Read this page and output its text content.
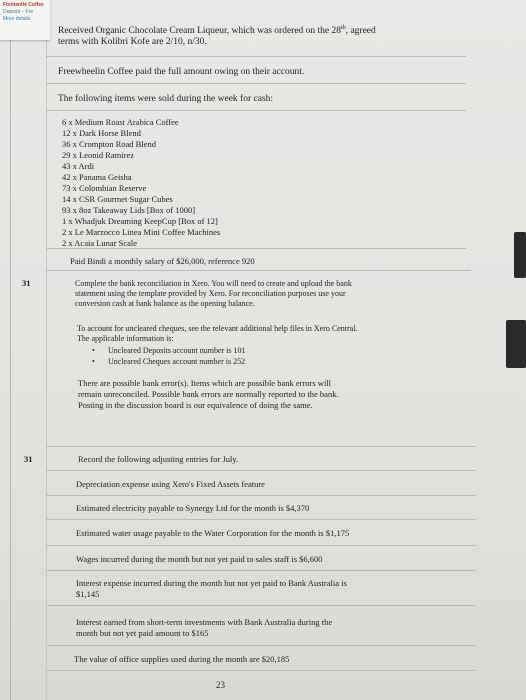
Fremantle Coffee
Deposit – Fre
More details
Received Organic Chocolate Cream Liqueur, which was ordered on the 28th, agreed
terms with Kolibri Kofe are 2/10, n/30.
Freewheelin Coffee paid the full amount owing on their account.
The following items were sold during the week for cash:
6 x Medium Roast Arabica Coffee
12 x Dark Horse Blend
36 x Crompton Road Blend
29 x Leonid Ramirez
43 x Ardi
42 x Panama Geisha
73 x Colombian Reserve
14 x CSR Gourmet Sugar Cubes
93 x 8oz Takeaway Lids [Box of 1000]
1 x Whadjuk Dreaming KeepCup [Box of 12]
2 x Le Marzocco Linea Mini Coffee Machines
2 x Acaia Lunar Scale
Paid Bindi a monthly salary of $26,000, reference 920
31	Complete the bank reconciliation in Xero. You will need to create and upload the bank
statement using the template provided by Xero. For reconciliation purposes use your
conversion cash at bank balance as the opening balance.
To account for uncleared cheques, see the relevant additional help files in Xero Central.
The applicable information is:
• Uncleared Deposits account number is 101
• Uncleared Cheques account number is 252
There are possible bank error(s). Items which are possible bank errors will
remain unreconciled. Possible bank errors are normally reported to the bank.
Posting in the discussion board is our equivalence of doing the same.
31	Record the following adjusting entries for July.
Depreciation expense using Xero's Fixed Assets feature
Estimated electricity payable to Synergy Ltd for the month is $4,370
Estimated water usage payable to the Water Corporation for the month is $1,175
Wages incurred during the month but not yet paid to sales staff is $6,600
Interest expense incurred during the month but not yet paid to Bank Australia is
$1,145
Interest earned from short-term investments with Bank Australia during the
month but not yet paid amount to $165
The value of office supplies used during the month are $20,185
23
